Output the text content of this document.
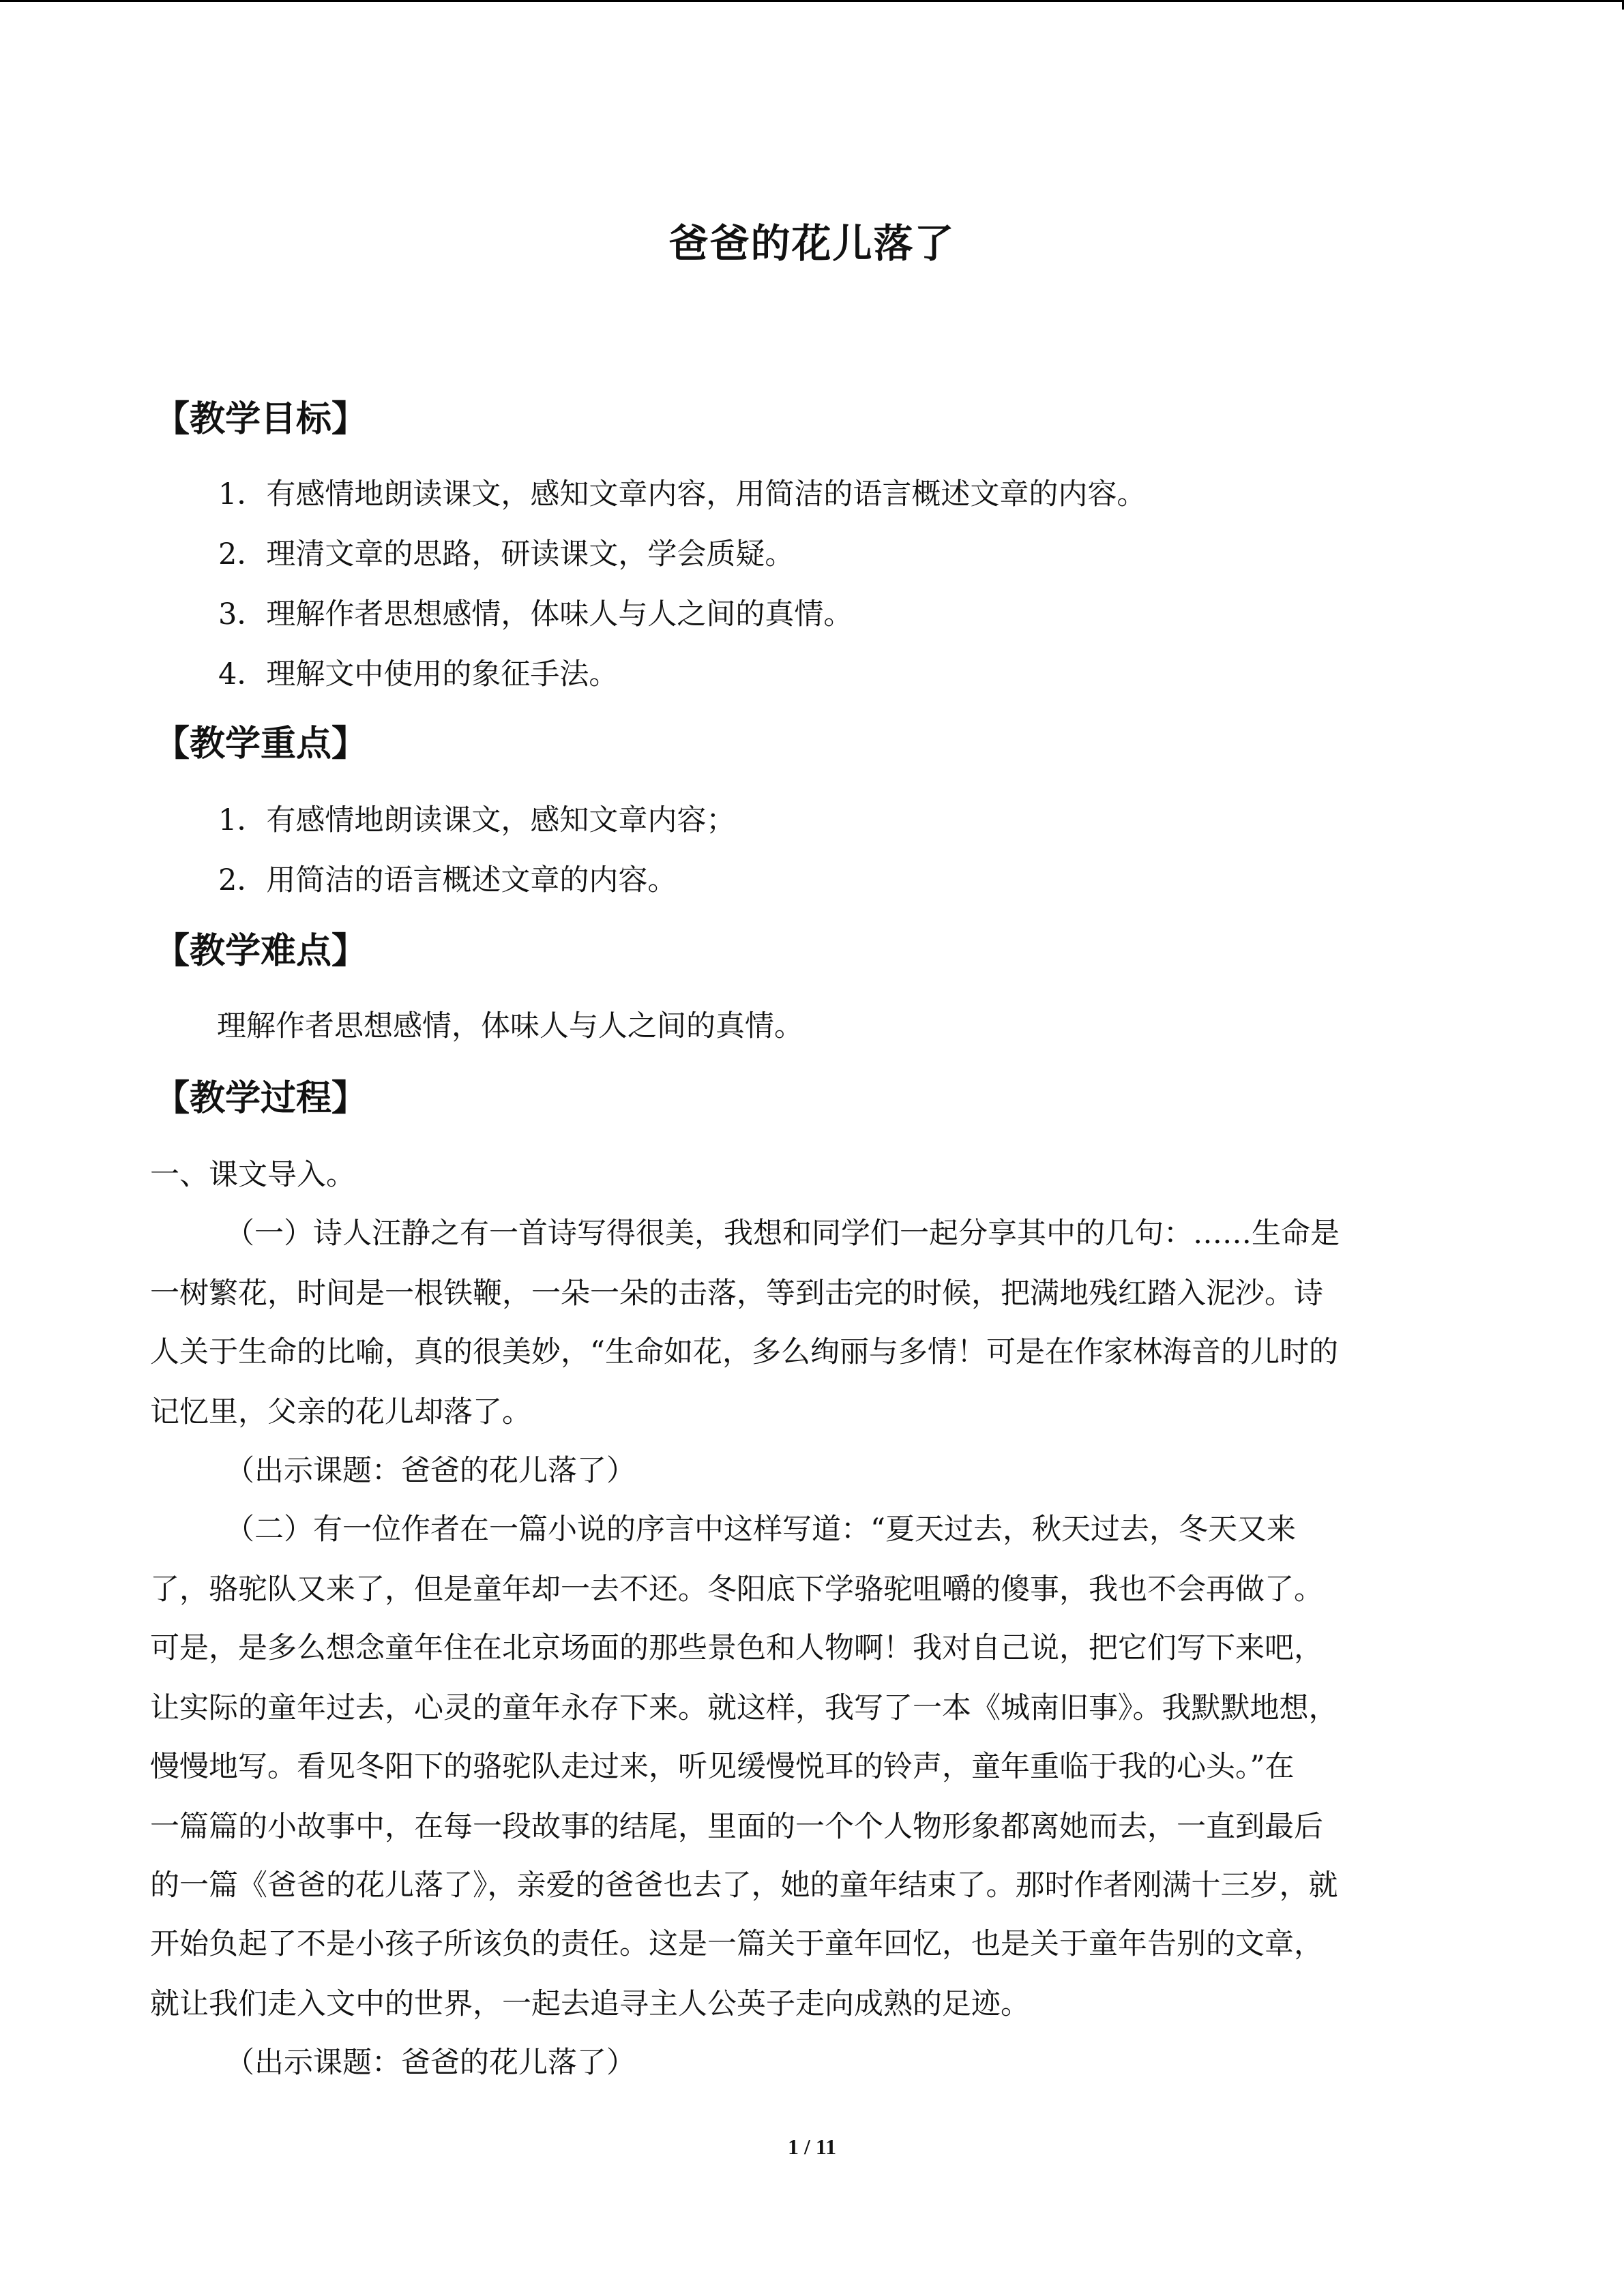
爸爸的花儿落了
【教学目标】
1．有感情地朗读课文，感知文章内容，用简洁的语言概述文章的内容。
2．理清文章的思路，研读课文，学会质疑。
3．理解作者思想感情，体味人与人之间的真情。
4．理解文中使用的象征手法。
【教学重点】
1．有感情地朗读课文，感知文章内容；
2．用简洁的语言概述文章的内容。
【教学难点】
理解作者思想感情，体味人与人之间的真情。
【教学过程】
一、课文导入。
（一）诗人汪静之有一首诗写得很美，我想和同学们一起分享其中的几句：……生命是
一树繁花，时间是一根铁鞭，一朵一朵的击落，等到击完的时候，把满地残红踏入泥沙。诗
人关于生命的比喻，真的很美妙，“生命如花，多么绚丽与多情！可是在作家林海音的儿时的
记忆里，父亲的花儿却落了。
（出示课题：爸爸的花儿落了）
（二）有一位作者在一篇小说的序言中这样写道：“夏天过去，秋天过去，冬天又来
了，骆驼队又来了，但是童年却一去不还。冬阳底下学骆驼咀嚼的傻事，我也不会再做了。
可是，是多么想念童年住在北京场面的那些景色和人物啊！我对自己说，把它们写下来吧，
让实际的童年过去，心灵的童年永存下来。就这样，我写了一本《城南旧事》。我默默地想，
慢慢地写。看见冬阳下的骆驼队走过来，听见缓慢悦耳的铃声，童年重临于我的心头。”在
一篇篇的小故事中，在每一段故事的结尾，里面的一个个人物形象都离她而去，一直到最后
的一篇《爸爸的花儿落了》，亲爱的爸爸也去了，她的童年结束了。那时作者刚满十三岁，就
开始负起了不是小孩子所该负的责任。这是一篇关于童年回忆，也是关于童年告别的文章，
就让我们走入文中的世界，一起去追寻主人公英子走向成熟的足迹。
（出示课题：爸爸的花儿落了）
1 / 11
